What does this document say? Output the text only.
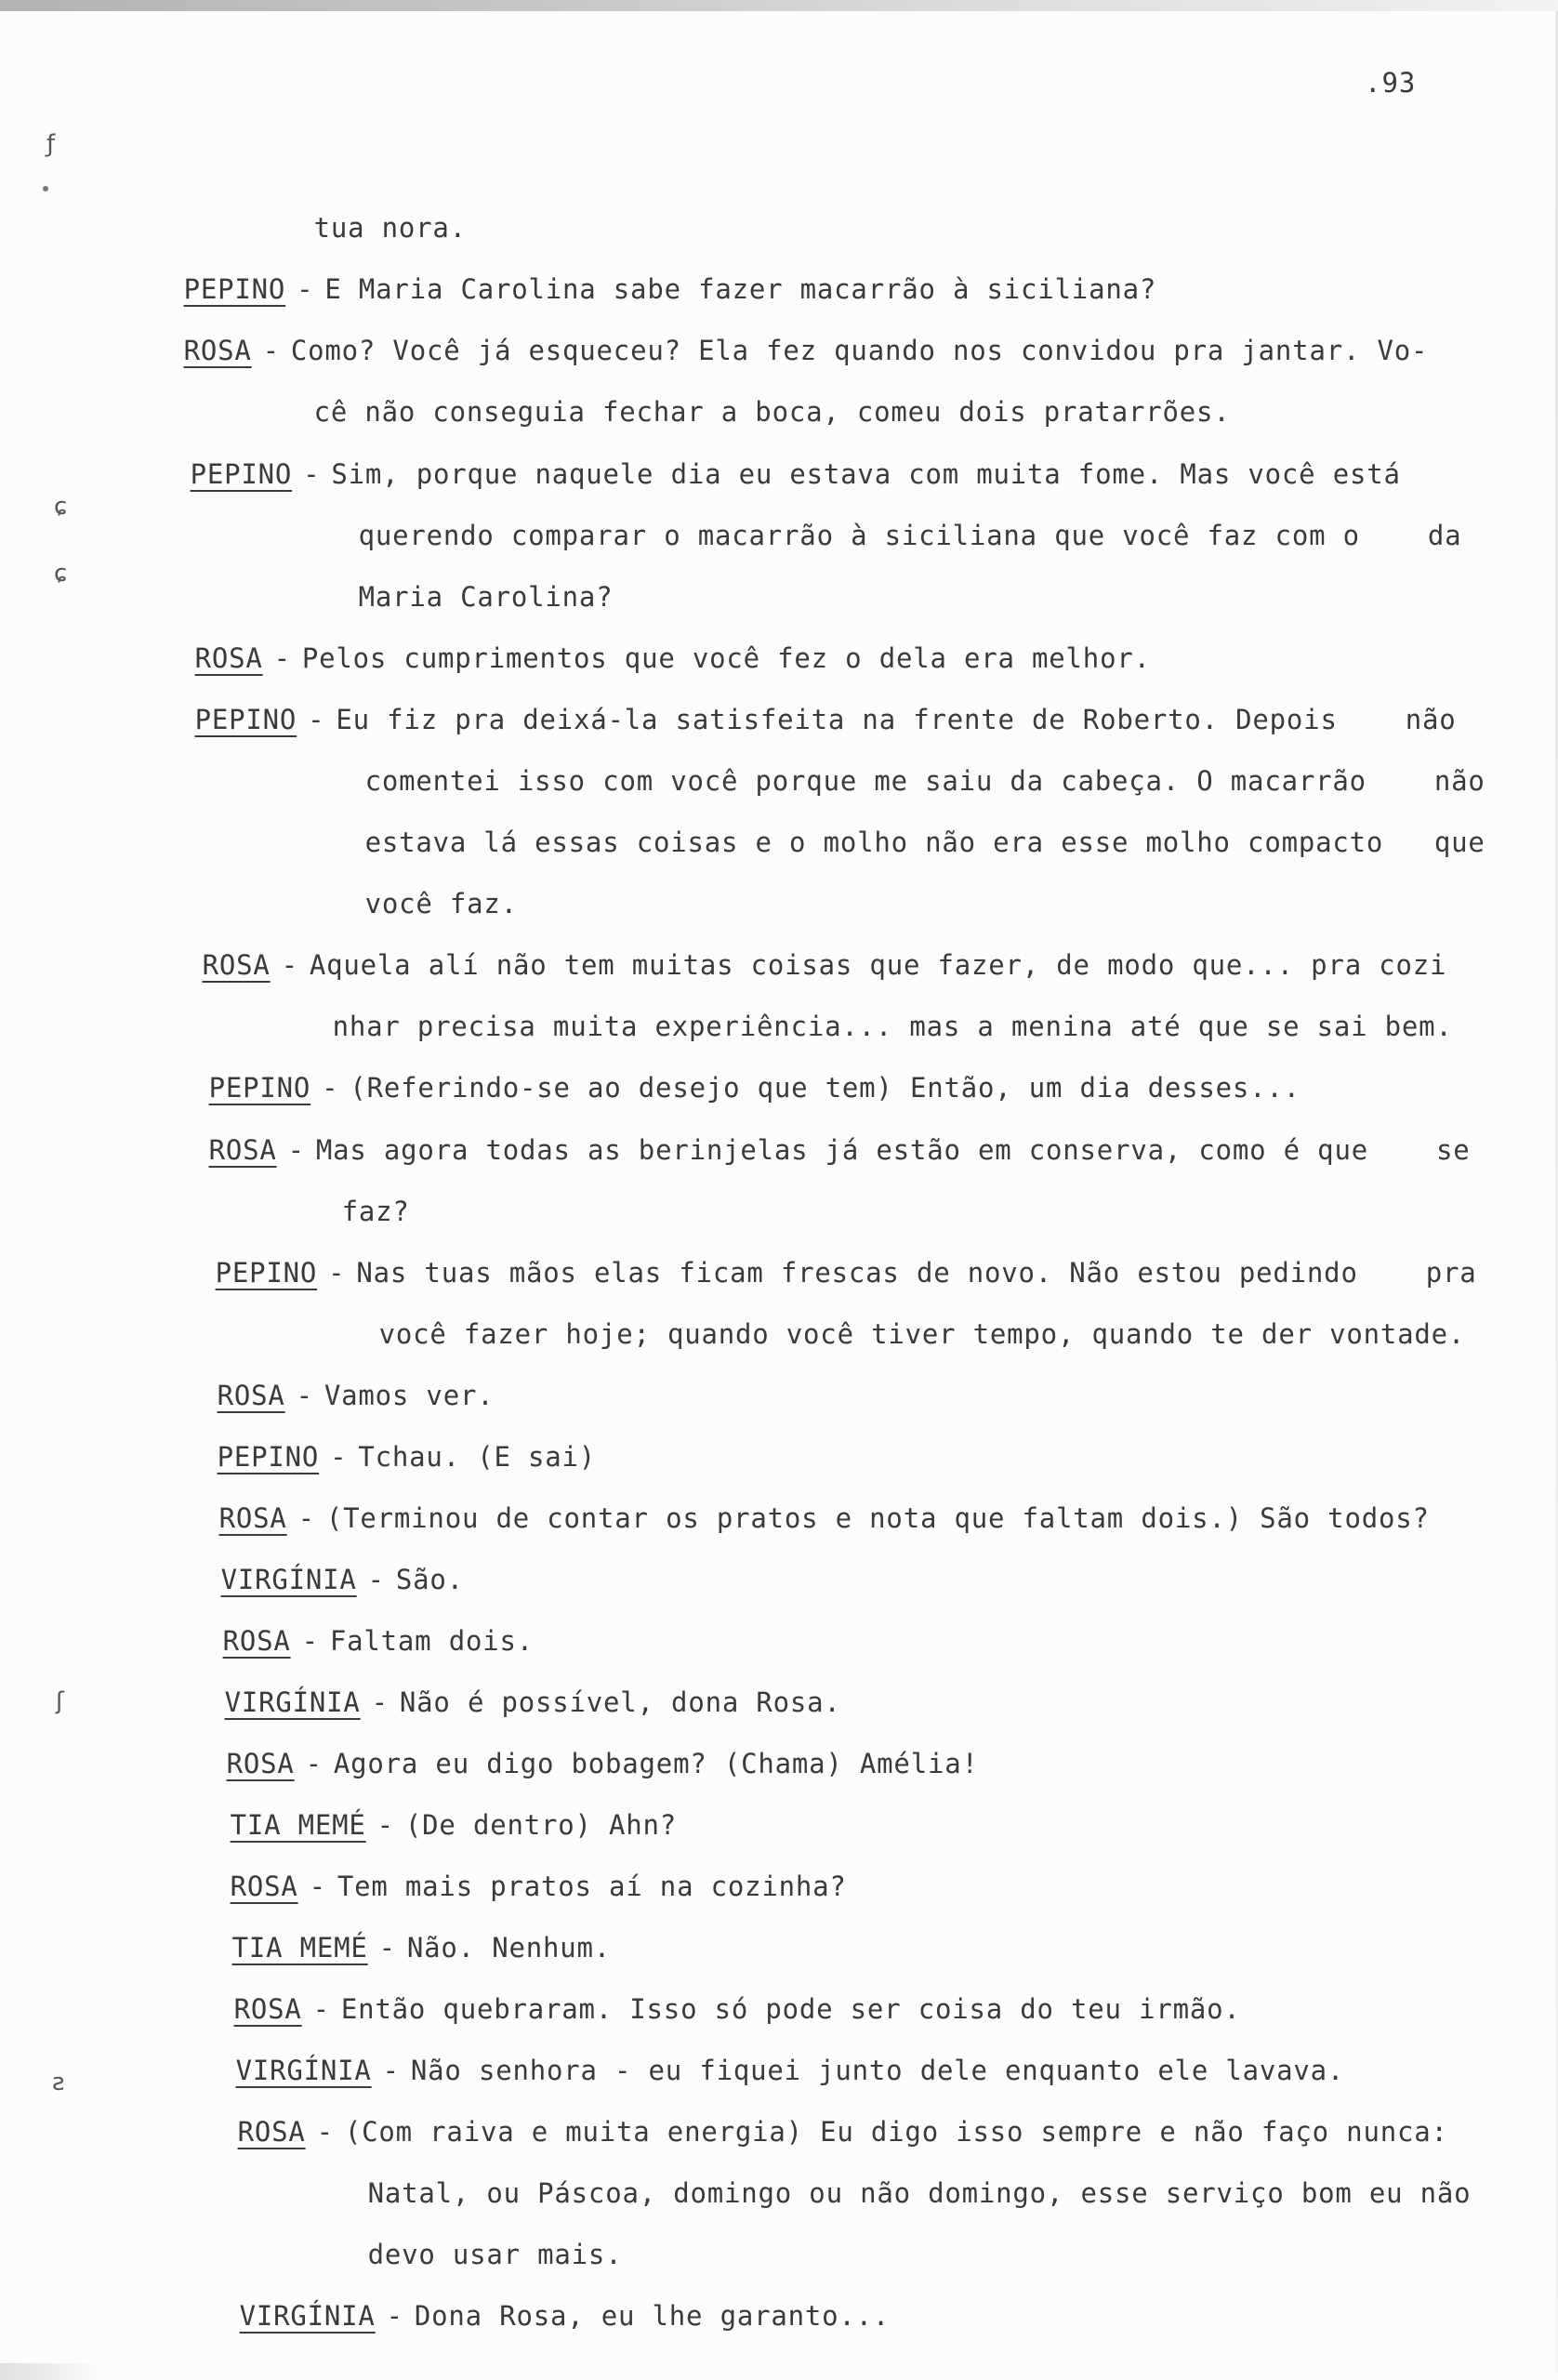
.93
ƒ
ɕ
ɕ
ʃ
ƨ

tua nora.

PEPINO - E Maria Carolina sabe fazer macarrão à siciliana?

ROSA - Como? Você já esqueceu? Ela fez quando nos convidou pra jantar. Vo-

cê não conseguia fechar a boca, comeu dois pratarrões.

PEPINO - Sim, porque naquele dia eu estava com muita fome. Mas você está

querendo comparar o macarrão à siciliana que você faz com o    da

Maria Carolina?

ROSA - Pelos cumprimentos que você fez o dela era melhor.

PEPINO - Eu fiz pra deixá-la satisfeita na frente de Roberto. Depois    não

comentei isso com você porque me saiu da cabeça. O macarrão    não

estava lá essas coisas e o molho não era esse molho compacto   que

você faz.

ROSA - Aquela alí não tem muitas coisas que fazer, de modo que... pra cozi

nhar precisa muita experiência... mas a menina até que se sai bem.

PEPINO - (Referindo-se ao desejo que tem) Então, um dia desses...

ROSA - Mas agora todas as berinjelas já estão em conserva, como é que    se

faz?

PEPINO - Nas tuas mãos elas ficam frescas de novo. Não estou pedindo    pra

você fazer hoje; quando você tiver tempo, quando te der vontade.

ROSA - Vamos ver.

PEPINO - Tchau. (E sai)

ROSA - (Terminou de contar os pratos e nota que faltam dois.) São todos?

VIRGÍNIA - São.

ROSA - Faltam dois.

VIRGÍNIA - Não é possível, dona Rosa.

ROSA - Agora eu digo bobagem? (Chama) Amélia!

TIA MEMÉ - (De dentro) Ahn?

ROSA - Tem mais pratos aí na cozinha?

TIA MEMÉ - Não. Nenhum.

ROSA - Então quebraram. Isso só pode ser coisa do teu irmão.

VIRGÍNIA - Não senhora - eu fiquei junto dele enquanto ele lavava.

ROSA - (Com raiva e muita energia) Eu digo isso sempre e não faço nunca:

Natal, ou Páscoa, domingo ou não domingo, esse serviço bom eu não

devo usar mais.

VIRGÍNIA - Dona Rosa, eu lhe garanto...
